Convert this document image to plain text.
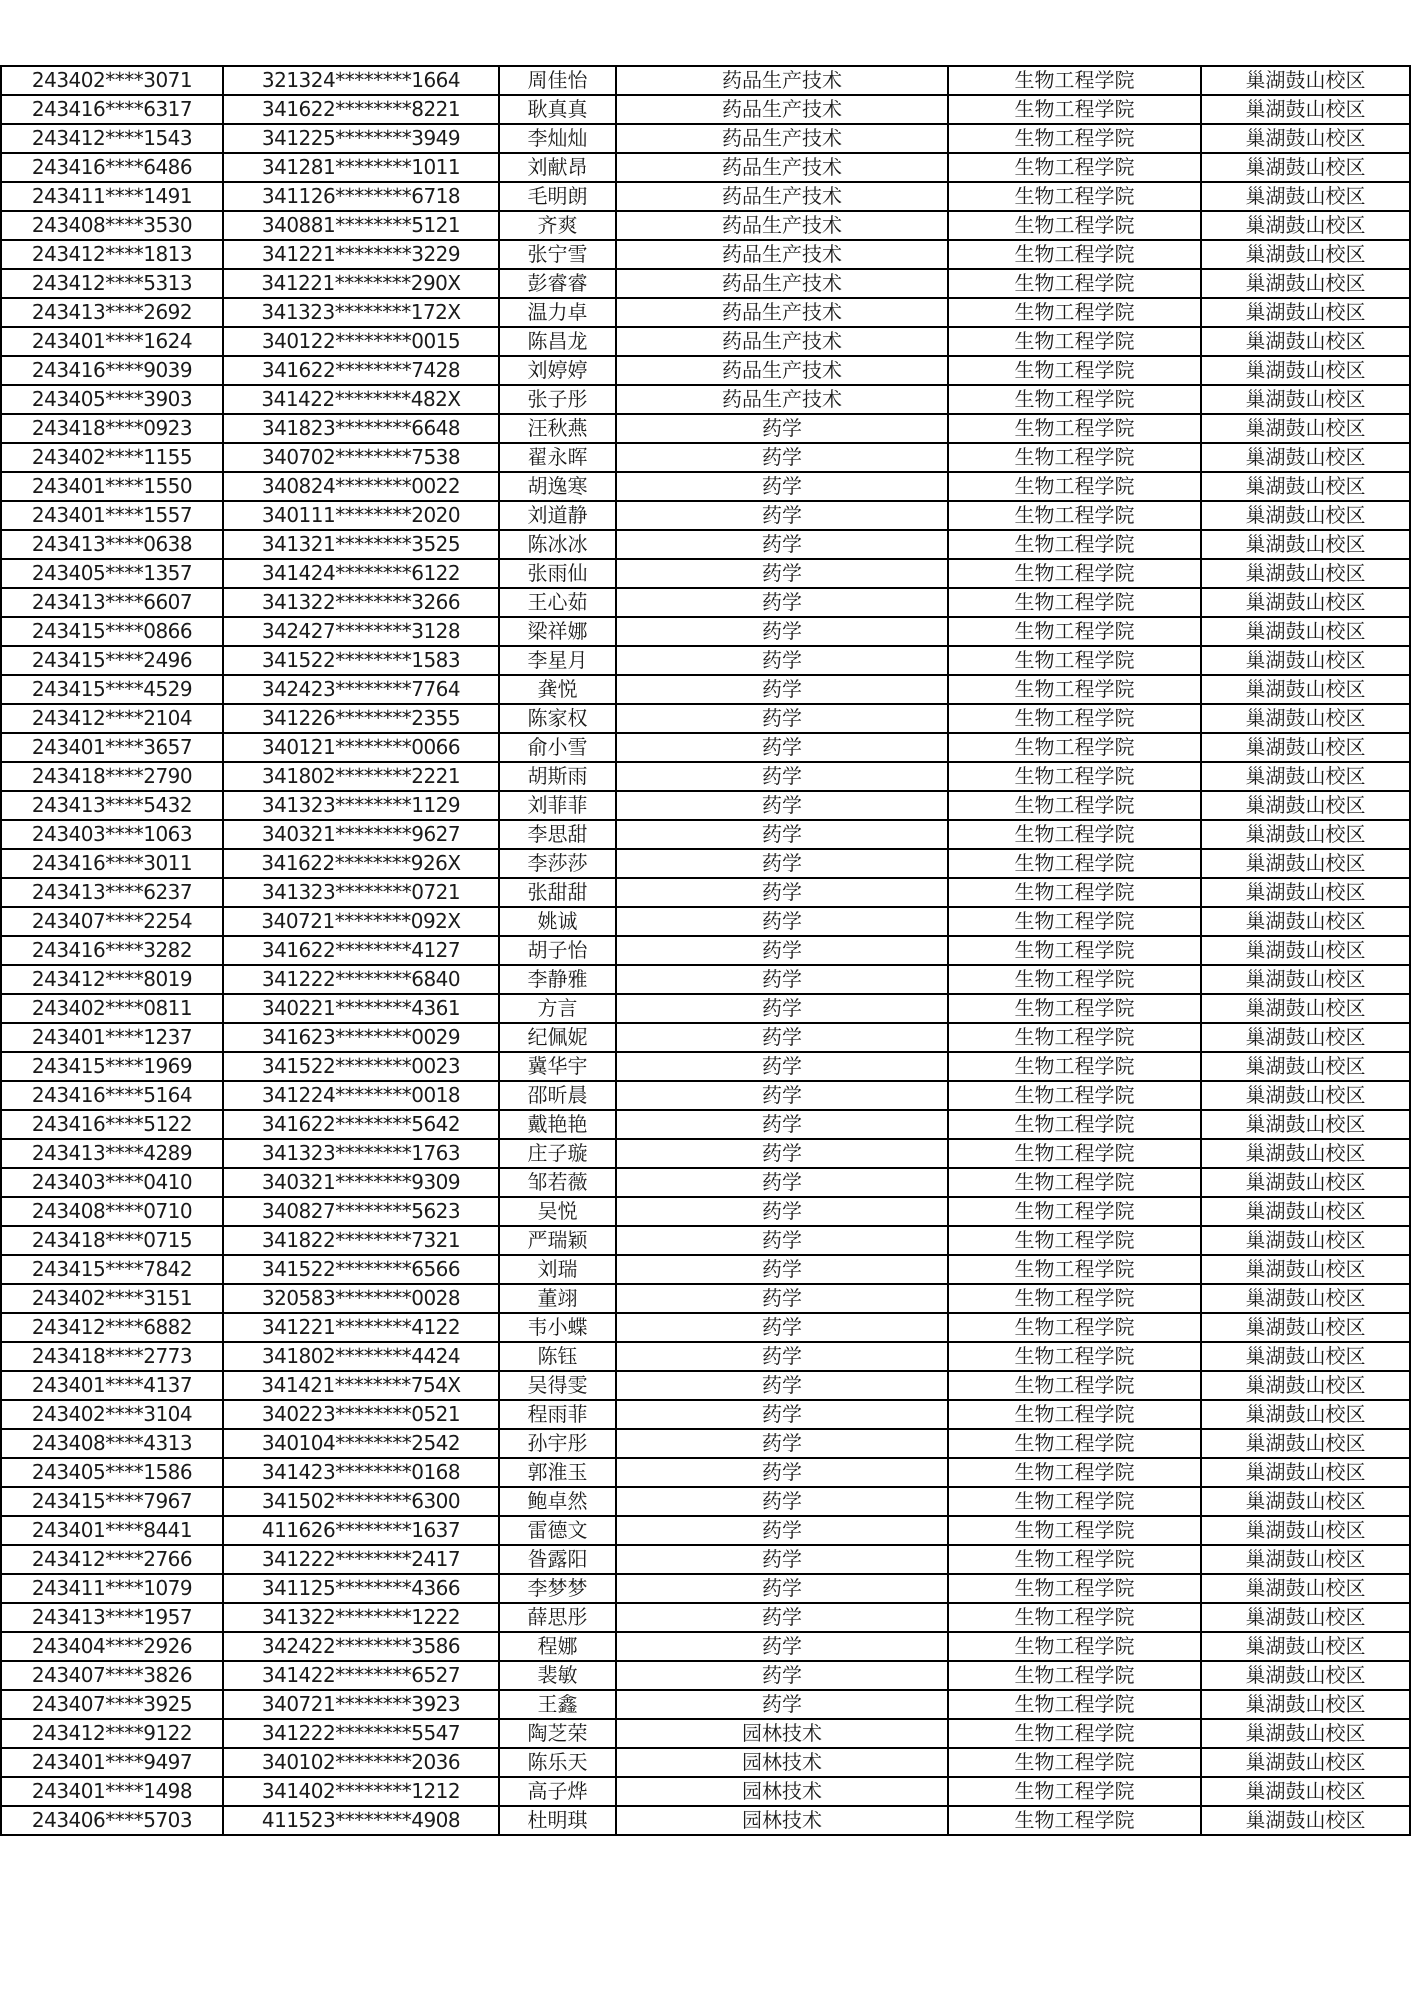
243402****3071	321324********1664	周佳怡	药品生产技术	生物工程学院	巢湖鼓山校区
243416****6317	341622********8221	耿真真	药品生产技术	生物工程学院	巢湖鼓山校区
243412****1543	341225********3949	李灿灿	药品生产技术	生物工程学院	巢湖鼓山校区
243416****6486	341281********1011	刘献昂	药品生产技术	生物工程学院	巢湖鼓山校区
243411****1491	341126********6718	毛明朗	药品生产技术	生物工程学院	巢湖鼓山校区
243408****3530	340881********5121	齐爽	药品生产技术	生物工程学院	巢湖鼓山校区
243412****1813	341221********3229	张宁雪	药品生产技术	生物工程学院	巢湖鼓山校区
243412****5313	341221********290X	彭睿睿	药品生产技术	生物工程学院	巢湖鼓山校区
243413****2692	341323********172X	温力卓	药品生产技术	生物工程学院	巢湖鼓山校区
243401****1624	340122********0015	陈昌龙	药品生产技术	生物工程学院	巢湖鼓山校区
243416****9039	341622********7428	刘婷婷	药品生产技术	生物工程学院	巢湖鼓山校区
243405****3903	341422********482X	张子彤	药品生产技术	生物工程学院	巢湖鼓山校区
243418****0923	341823********6648	汪秋燕	药学	生物工程学院	巢湖鼓山校区
243402****1155	340702********7538	翟永晖	药学	生物工程学院	巢湖鼓山校区
243401****1550	340824********0022	胡逸寒	药学	生物工程学院	巢湖鼓山校区
243401****1557	340111********2020	刘道静	药学	生物工程学院	巢湖鼓山校区
243413****0638	341321********3525	陈冰冰	药学	生物工程学院	巢湖鼓山校区
243405****1357	341424********6122	张雨仙	药学	生物工程学院	巢湖鼓山校区
243413****6607	341322********3266	王心茹	药学	生物工程学院	巢湖鼓山校区
243415****0866	342427********3128	梁祥娜	药学	生物工程学院	巢湖鼓山校区
243415****2496	341522********1583	李星月	药学	生物工程学院	巢湖鼓山校区
243415****4529	342423********7764	龚悦	药学	生物工程学院	巢湖鼓山校区
243412****2104	341226********2355	陈家权	药学	生物工程学院	巢湖鼓山校区
243401****3657	340121********0066	俞小雪	药学	生物工程学院	巢湖鼓山校区
243418****2790	341802********2221	胡斯雨	药学	生物工程学院	巢湖鼓山校区
243413****5432	341323********1129	刘菲菲	药学	生物工程学院	巢湖鼓山校区
243403****1063	340321********9627	李思甜	药学	生物工程学院	巢湖鼓山校区
243416****3011	341622********926X	李莎莎	药学	生物工程学院	巢湖鼓山校区
243413****6237	341323********0721	张甜甜	药学	生物工程学院	巢湖鼓山校区
243407****2254	340721********092X	姚诚	药学	生物工程学院	巢湖鼓山校区
243416****3282	341622********4127	胡子怡	药学	生物工程学院	巢湖鼓山校区
243412****8019	341222********6840	李静雅	药学	生物工程学院	巢湖鼓山校区
243402****0811	340221********4361	方言	药学	生物工程学院	巢湖鼓山校区
243401****1237	341623********0029	纪佩妮	药学	生物工程学院	巢湖鼓山校区
243415****1969	341522********0023	冀华宇	药学	生物工程学院	巢湖鼓山校区
243416****5164	341224********0018	邵昕晨	药学	生物工程学院	巢湖鼓山校区
243416****5122	341622********5642	戴艳艳	药学	生物工程学院	巢湖鼓山校区
243413****4289	341323********1763	庄子璇	药学	生物工程学院	巢湖鼓山校区
243403****0410	340321********9309	邹若薇	药学	生物工程学院	巢湖鼓山校区
243408****0710	340827********5623	吴悦	药学	生物工程学院	巢湖鼓山校区
243418****0715	341822********7321	严瑞颖	药学	生物工程学院	巢湖鼓山校区
243415****7842	341522********6566	刘瑞	药学	生物工程学院	巢湖鼓山校区
243402****3151	320583********0028	董翊	药学	生物工程学院	巢湖鼓山校区
243412****6882	341221********4122	韦小蝶	药学	生物工程学院	巢湖鼓山校区
243418****2773	341802********4424	陈钰	药学	生物工程学院	巢湖鼓山校区
243401****4137	341421********754X	吴得雯	药学	生物工程学院	巢湖鼓山校区
243402****3104	340223********0521	程雨菲	药学	生物工程学院	巢湖鼓山校区
243408****4313	340104********2542	孙宇彤	药学	生物工程学院	巢湖鼓山校区
243405****1586	341423********0168	郭淮玉	药学	生物工程学院	巢湖鼓山校区
243415****7967	341502********6300	鲍卓然	药学	生物工程学院	巢湖鼓山校区
243401****8441	411626********1637	雷德文	药学	生物工程学院	巢湖鼓山校区
243412****2766	341222********2417	昝露阳	药学	生物工程学院	巢湖鼓山校区
243411****1079	341125********4366	李梦梦	药学	生物工程学院	巢湖鼓山校区
243413****1957	341322********1222	薛思彤	药学	生物工程学院	巢湖鼓山校区
243404****2926	342422********3586	程娜	药学	生物工程学院	巢湖鼓山校区
243407****3826	341422********6527	裴敏	药学	生物工程学院	巢湖鼓山校区
243407****3925	340721********3923	王鑫	药学	生物工程学院	巢湖鼓山校区
243412****9122	341222********5547	陶芝荣	园林技术	生物工程学院	巢湖鼓山校区
243401****9497	340102********2036	陈乐天	园林技术	生物工程学院	巢湖鼓山校区
243401****1498	341402********1212	高子烨	园林技术	生物工程学院	巢湖鼓山校区
243406****5703	411523********4908	杜明琪	园林技术	生物工程学院	巢湖鼓山校区
